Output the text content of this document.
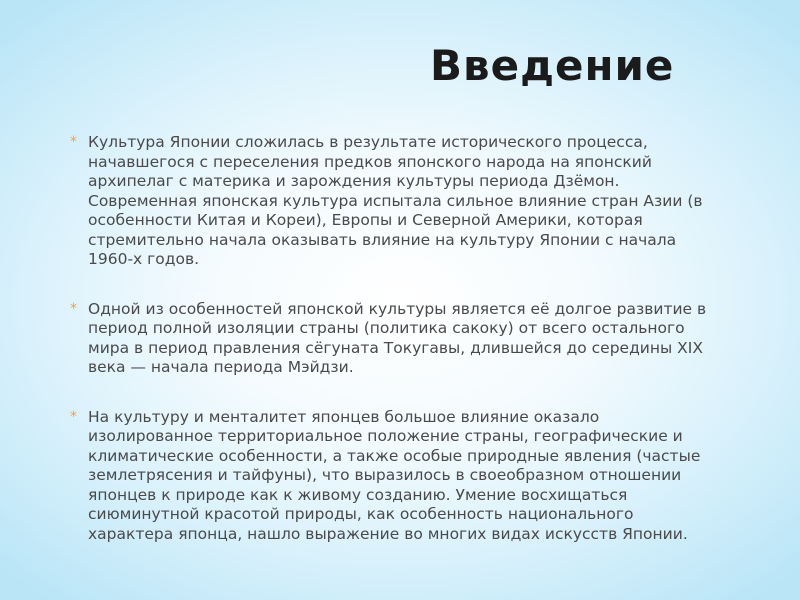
Введение
* Культура Японии сложилась в результате исторического процесса, начавшегося с переселения предков японского народа на японский архипелаг с материка и зарождения культуры периода Дзёмон. Современная японская культура испытала сильное влияние стран Азии (в особенности Китая и Кореи), Европы и Северной Америки, которая стремительно начала оказывать влияние на культуру Японии с начала 1960-х годов.
* Одной из особенностей японской культуры является её долгое развитие в период полной изоляции страны (политика сакоку) от всего остального мира в период правления сёгуната Токугавы, длившейся до середины XIX века — начала периода Мэйдзи.
* На культуру и менталитет японцев большое влияние оказало изолированное территориальное положение страны, географические и климатические особенности, а также особые природные явления (частые землетрясения и тайфуны), что выразилось в своеобразном отношении японцев к природе как к живому созданию. Умение восхищаться сиюминутной красотой природы, как особенность национального характера японца, нашло выражение во многих видах искусств Японии.
